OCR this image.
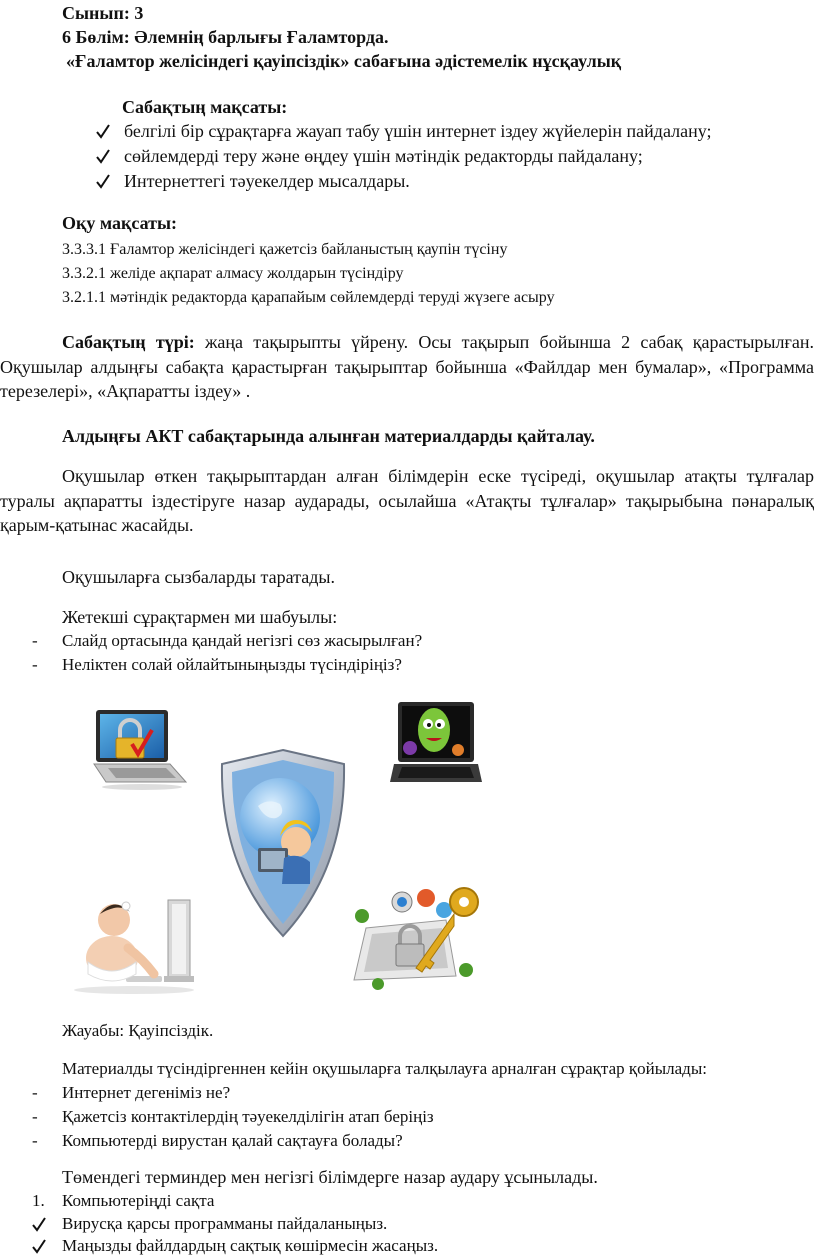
Сынып: 3
6 Бөлім: Әлемнің барлығы Ғаламторда.
«Ғаламтор желісіндегі қауіпсіздік» сабағына әдістемелік нұсқаулық
Сабақтың мақсаты:
белгілі бір сұрақтарға жауап табу үшін интернет іздеу жүйелерін пайдалану;
сөйлемдерді теру және өңдеу үшін мәтіндік редакторды пайдалану;
Интернеттегі тәуекелдер мысалдары.
Оқу мақсаты:
3.3.3.1 Ғаламтор желісіндегі қажетсіз байланыстың қаупін түсіну
3.3.2.1 желіде ақпарат алмасу жолдарын түсіндіру
3.2.1.1 мәтіндік редакторда қарапайым сөйлемдерді теруді жүзеге асыру
Сабақтың түрі: жаңа тақырыпты үйрену. Осы тақырып бойынша 2 сабақ қарастырылған. Оқушылар алдыңғы сабақта қарастырған тақырыптар бойынша «Файлдар мен бумалар», «Программа терезелері», «Ақпаратты іздеу» .
Алдыңғы АКТ сабақтарында алынған материалдарды қайталау.
Оқушылар өткен тақырыптардан алған білімдерін еске түсіреді, оқушылар атақты тұлғалар туралы ақпаратты іздестіруге назар аударады, осылайша «Атақты тұлғалар» тақырыбына пәнаралық қарым-қатынас жасайды.
Оқушыларға сызбаларды таратады.
Жетекші сұрақтармен ми шабуылы:
- Слайд ортасында қандай негізгі сөз жасырылған?
- Неліктен солай ойлайтыныңызды түсіндіріңіз?
Жауабы: Қауіпсіздік.
Материалды түсіндіргеннен кейін оқушыларға талқылауға арналған сұрақтар қойылады:
- Интернет дегеніміз не?
- Қажетсіз контактілердің тәуекелділігін атап беріңіз
- Компьютерді вирустан қалай сақтауға болады?
Төмендегі терминдер мен негізгі білімдерге назар аудару ұсынылады.
1. Компьютеріңді сақта
Вирусқа қарсы программаны пайдаланыңыз.
Маңызды файлдардың сақтық көшірмесін жасаңыз.
